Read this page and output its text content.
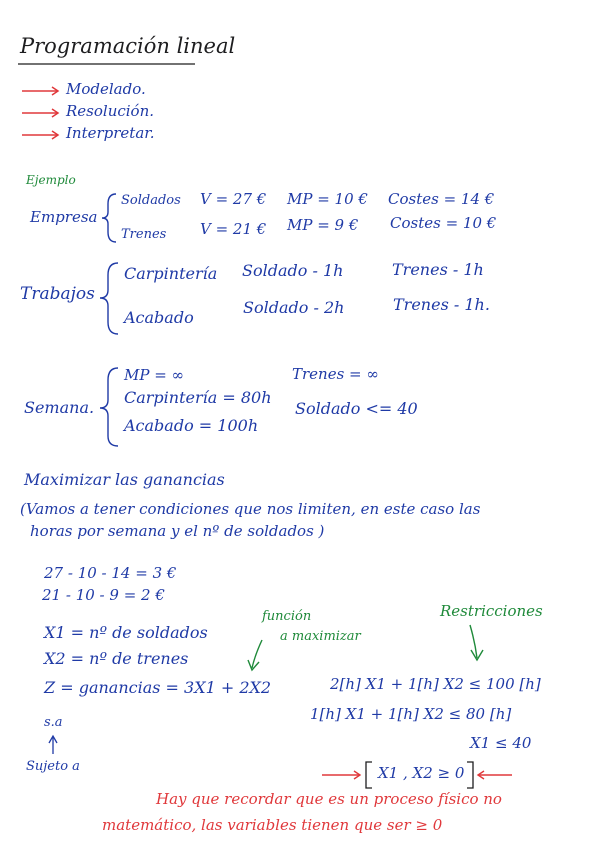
Programación lineal
Modelado.
Resolución.
Interpretar.
Ejemplo
Empresa
Soldados V = 27 € MP = 10 € Costes = 14 €
Trenes V = 21 € MP = 9 € Costes = 10 €
Trabajos
Carpintería Soldado - 1h	Trenes - 1h
Acabado
Soldado - 2h	Trenes - 1h.
Semana.
MP = ∞
Carpintería = 80h
Acabado = 100h
Trenes = ∞
Soldado <= 40
Maximizar las ganancias
(Vamos a tener condiciones que nos limiten, en este caso las
horas por semana y el nº de soldados )
27 - 10 - 14 = 3 €
21 - 10 - 9 = 2 €
X1 = nº de soldados
X2 = nº de trenes
Z = ganancias = 3X1 + 2X2
s.a
Sujeto a
función
a maximizar
Restricciones
2[h] X1 + 1[h] X2 ≤ 100 [h]
1[h] X1 + 1[h] X2 ≤ 80 [h]
X1 ≤ 40
X1 , X2 ≥ 0
Hay que recordar que es un proceso físico no
matemático, las variables tienen que ser ≥ 0
